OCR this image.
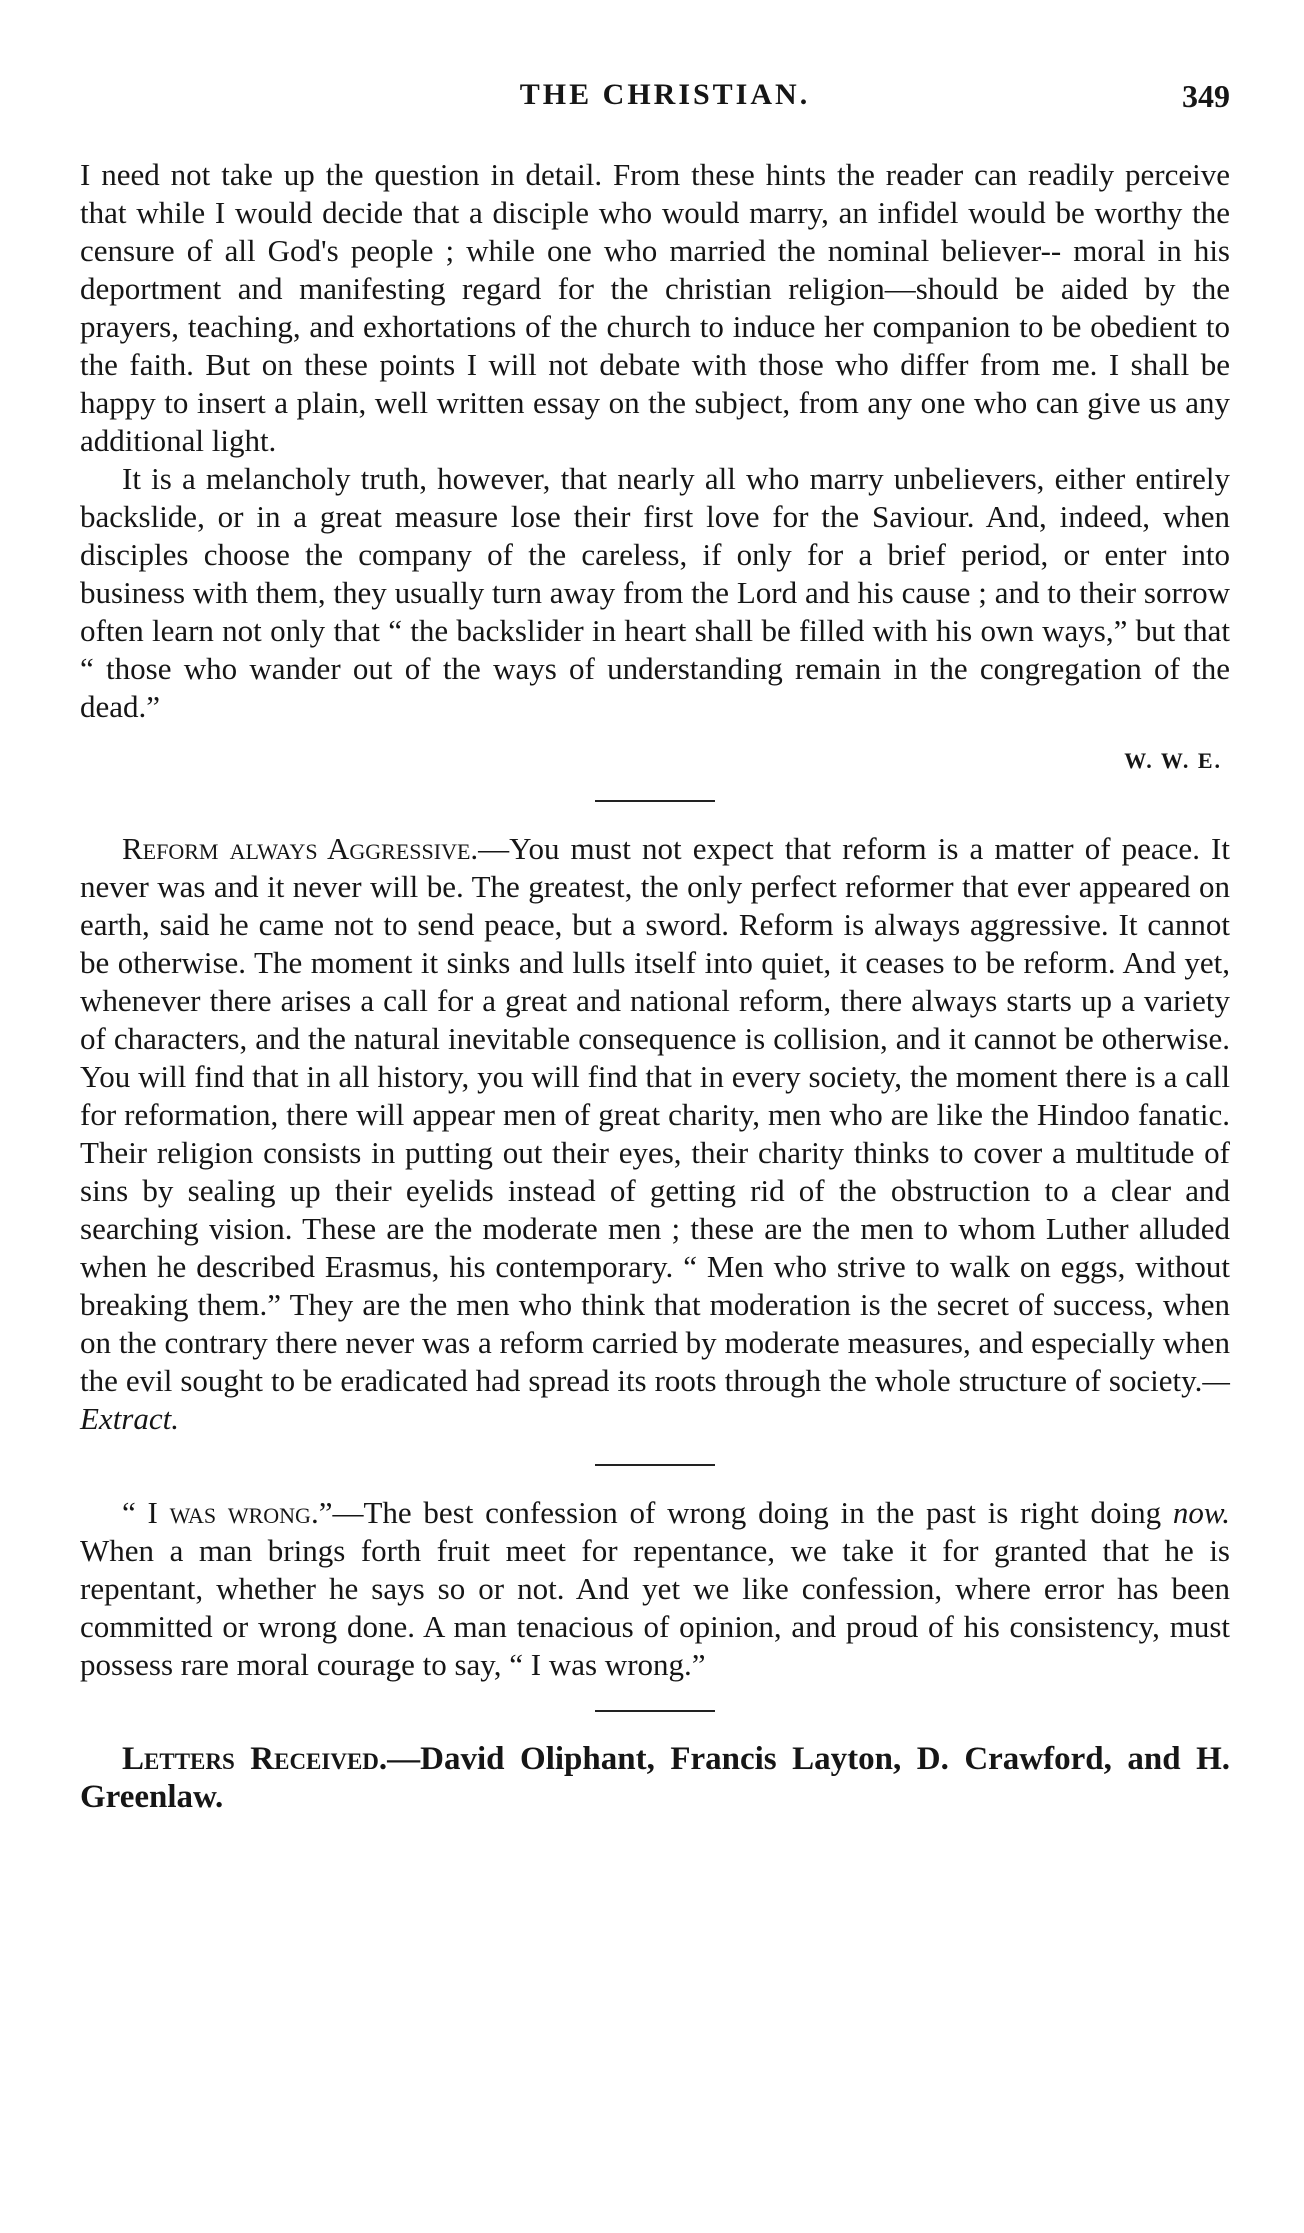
THE CHRISTIAN.	349

I need not take up the question in detail. From these hints the reader can readily perceive that while I would decide that a disciple who would marry, an infidel would be worthy the censure of all God's people ; while one who married the nominal believer-- moral in his deportment and manifesting regard for the christian religion—should be aided by the prayers, teaching, and exhortations of the church to induce her companion to be obedient to the faith. But on these points I will not debate with those who differ from me. I shall be happy to insert a plain, well written essay on the subject, from any one who can give us any additional light.

It is a melancholy truth, however, that nearly all who marry unbelievers, either entirely backslide, or in a great measure lose their first love for the Saviour. And, indeed, when disciples choose the company of the careless, if only for a brief period, or enter into business with them, they usually turn away from the Lord and his cause ; and to their sorrow often learn not only that “ the backslider in heart shall be filled with his own ways,” but that “ those who wander out of the ways of understanding remain in the congregation of the dead.”

W. W. E.

Reform always Aggressive.—You must not expect that reform is a matter of peace. It never was and it never will be. The greatest, the only perfect reformer that ever appeared on earth, said he came not to send peace, but a sword. Reform is always aggressive. It cannot be otherwise. The moment it sinks and lulls itself into quiet, it ceases to be reform. And yet, whenever there arises a call for a great and national reform, there always starts up a variety of characters, and the natural inevitable consequence is collision, and it cannot be otherwise. You will find that in all history, you will find that in every society, the moment there is a call for reformation, there will appear men of great charity, men who are like the Hindoo fanatic. Their religion consists in putting out their eyes, their charity thinks to cover a multitude of sins by sealing up their eyelids instead of getting rid of the obstruction to a clear and searching vision. These are the moderate men ; these are the men to whom Luther alluded when he described Erasmus, his contemporary. “ Men who strive to walk on eggs, without breaking them.” They are the men who think that moderation is the secret of success, when on the contrary there never was a reform carried by moderate measures, and especially when the evil sought to be eradicated had spread its roots through the whole structure of society.—Extract.

“ I was wrong.”—The best confession of wrong doing in the past is right doing now. When a man brings forth fruit meet for repentance, we take it for granted that he is repentant, whether he says so or not. And yet we like confession, where error has been committed or wrong done. A man tenacious of opinion, and proud of his consistency, must possess rare moral courage to say, “ I was wrong.”

Letters Received.—David Oliphant, Francis Layton, D. Crawford, and H. Greenlaw.
